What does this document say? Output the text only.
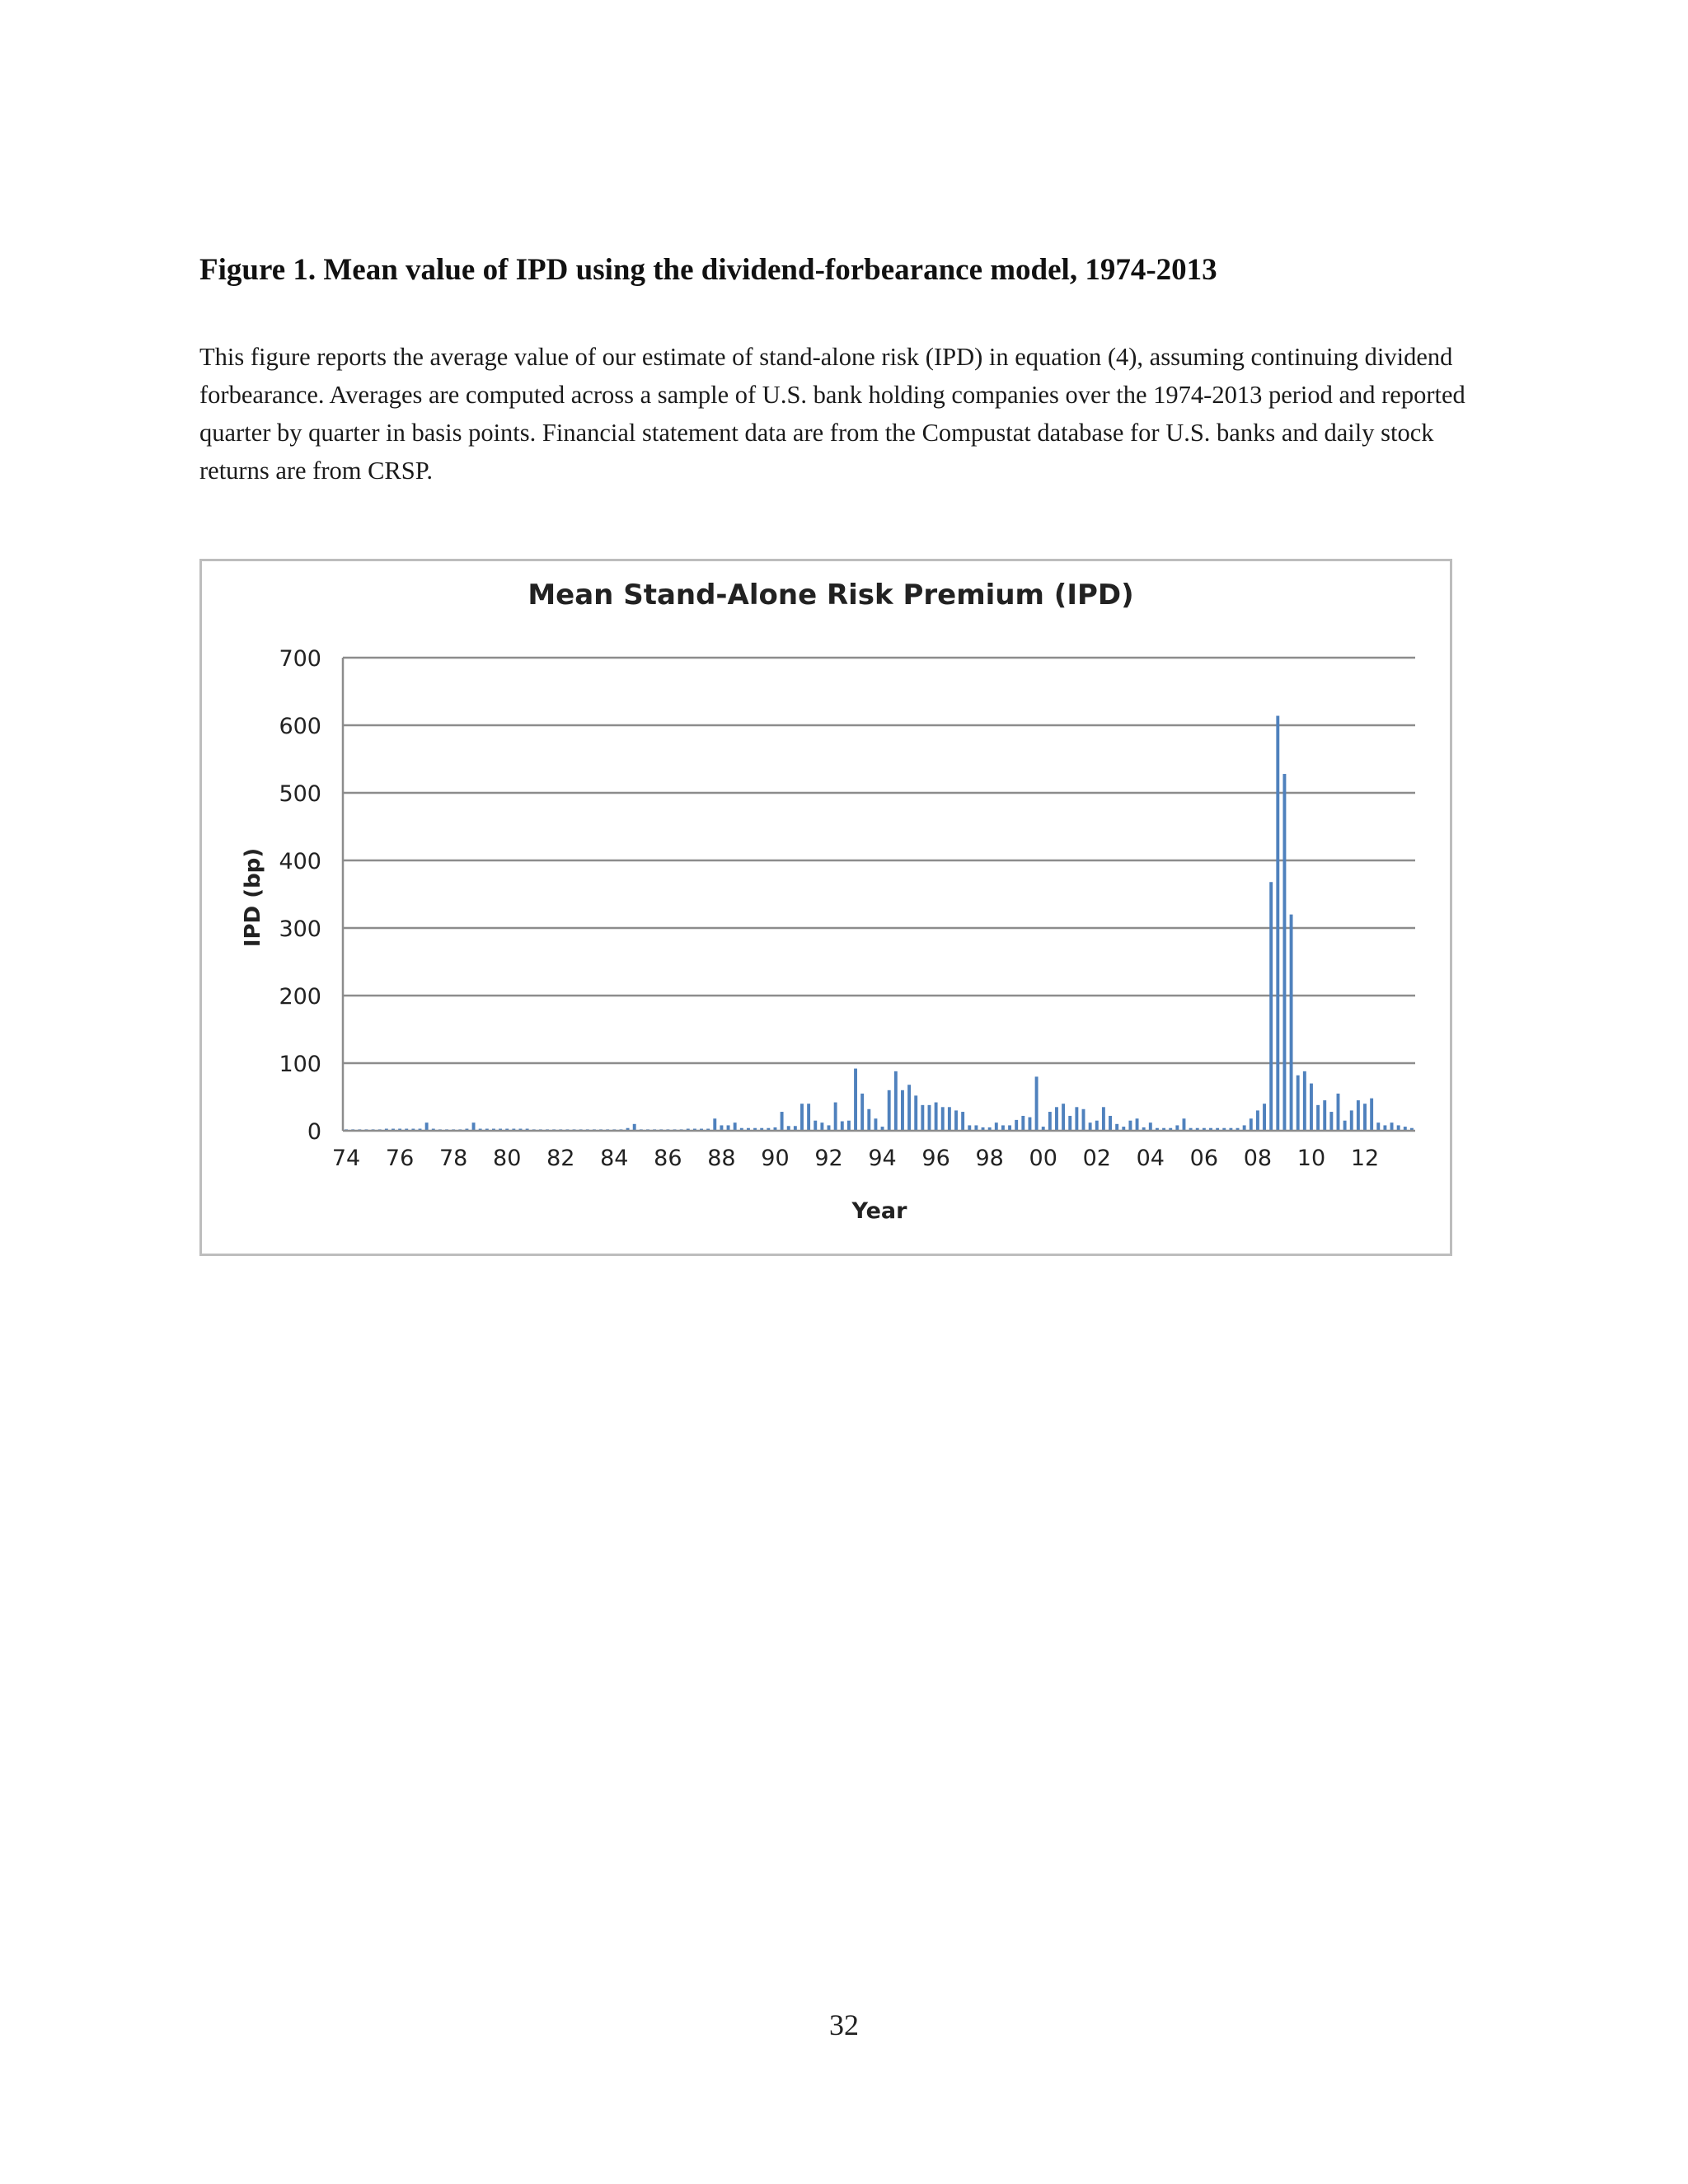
Figure 1. Mean value of IPD using the dividend-forbearance model, 1974-2013

This figure reports the average value of our estimate of stand-alone risk (IPD) in equation (4), assuming continuing dividend forbearance. Averages are computed across a sample of U.S. bank holding companies over the 1974-2013 period and reported quarter by quarter in basis points. Financial statement data are from the Compustat database for U.S. banks and daily stock returns are from CRSP.

Mean Stand-Alone Risk Premium (IPD)
IPD (bp)
Year
0
100
200
300
400
500
600
700
74 76 78 80 82 84 86 88 90 92 94 96 98 00 02 04 06 08 10 12

32
